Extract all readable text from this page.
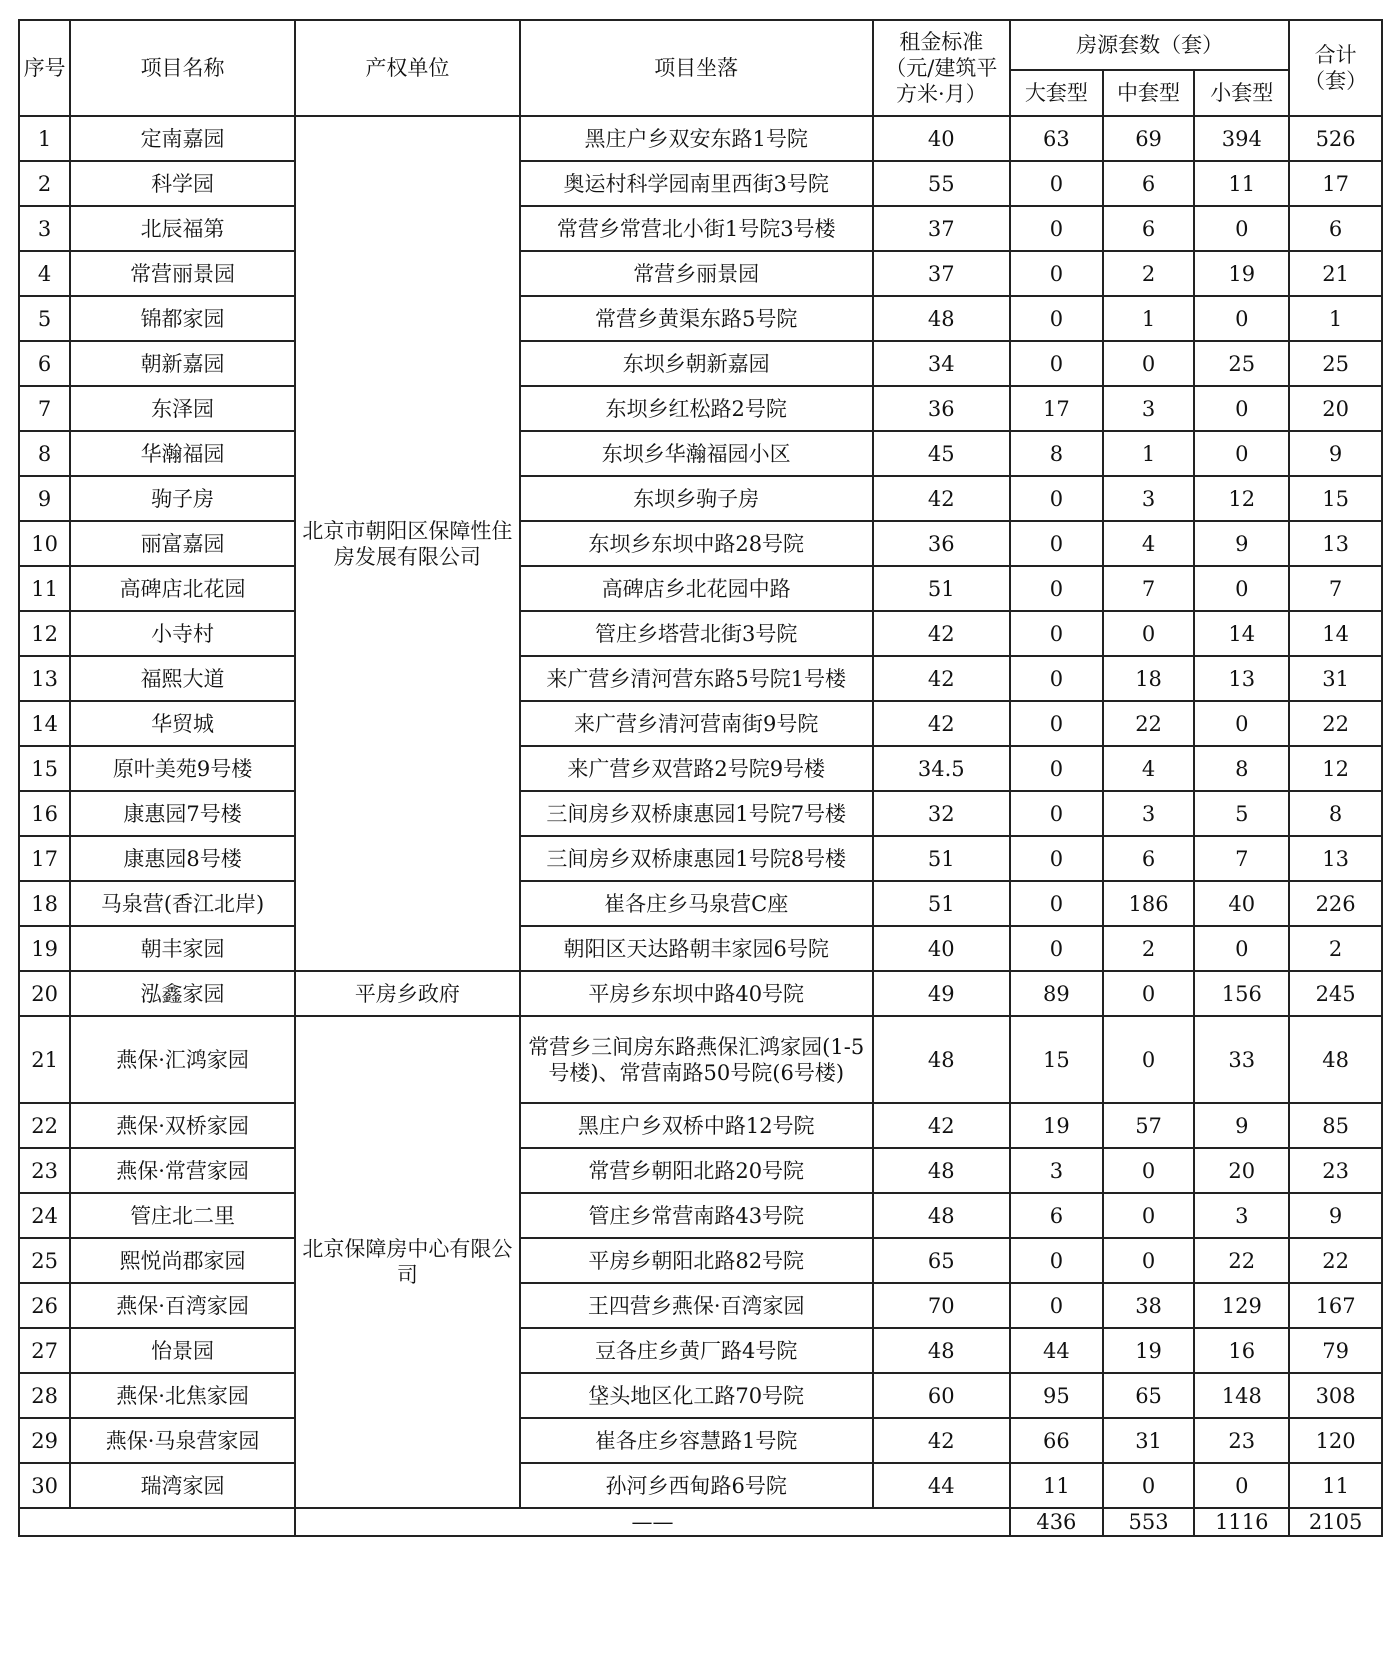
序号	项目名称	产权单位	项目坐落	租金标准（元/建筑平方米·月）	房源套数（套）			合计（套）
					大套型	中套型	小套型	
1	定南嘉园	北京市朝阳区保障性住房发展有限公司	黑庄户乡双安东路1号院	40	63	69	394	526
2	科学园		奥运村科学园南里西街3号院	55	0	6	11	17
3	北辰福第		常营乡常营北小街1号院3号楼	37	0	6	0	6
4	常营丽景园		常营乡丽景园	37	0	2	19	21
5	锦都家园		常营乡黄渠东路5号院	48	0	1	0	1
6	朝新嘉园		东坝乡朝新嘉园	34	0	0	25	25
7	东泽园		东坝乡红松路2号院	36	17	3	0	20
8	华瀚福园		东坝乡华瀚福园小区	45	8	1	0	9
9	驹子房		东坝乡驹子房	42	0	3	12	15
10	丽富嘉园		东坝乡东坝中路28号院	36	0	4	9	13
11	高碑店北花园		高碑店乡北花园中路	51	0	7	0	7
12	小寺村		管庄乡塔营北街3号院	42	0	0	14	14
13	福熙大道		来广营乡清河营东路5号院1号楼	42	0	18	13	31
14	华贸城		来广营乡清河营南街9号院	42	0	22	0	22
15	原叶美苑9号楼		来广营乡双营路2号院9号楼	34.5	0	4	8	12
16	康惠园7号楼		三间房乡双桥康惠园1号院7号楼	32	0	3	5	8
17	康惠园8号楼		三间房乡双桥康惠园1号院8号楼	51	0	6	7	13
18	马泉营(香江北岸)		崔各庄乡马泉营C座	51	0	186	40	226
19	朝丰家园		朝阳区天达路朝丰家园6号院	40	0	2	0	2
20	泓鑫家园	平房乡政府	平房乡东坝中路40号院	49	89	0	156	245
21	燕保·汇鸿家园	北京保障房中心有限公司	常营乡三间房东路燕保汇鸿家园(1-5号楼)、常营南路50号院(6号楼)	48	15	0	33	48
22	燕保·双桥家园		黑庄户乡双桥中路12号院	42	19	57	9	85
23	燕保·常营家园		常营乡朝阳北路20号院	48	3	0	20	23
24	管庄北二里		管庄乡常营南路43号院	48	6	0	3	9
25	熙悦尚郡家园		平房乡朝阳北路82号院	65	0	0	22	22
26	燕保·百湾家园		王四营乡燕保·百湾家园	70	0	38	129	167
27	怡景园		豆各庄乡黄厂路4号院	48	44	19	16	79
28	燕保·北焦家园		垡头地区化工路70号院	60	95	65	148	308
29	燕保·马泉营家园		崔各庄乡容慧路1号院	42	66	31	23	120
30	瑞湾家园		孙河乡西甸路6号院	44	11	0	0	11
		——			436	553	1116	2105
